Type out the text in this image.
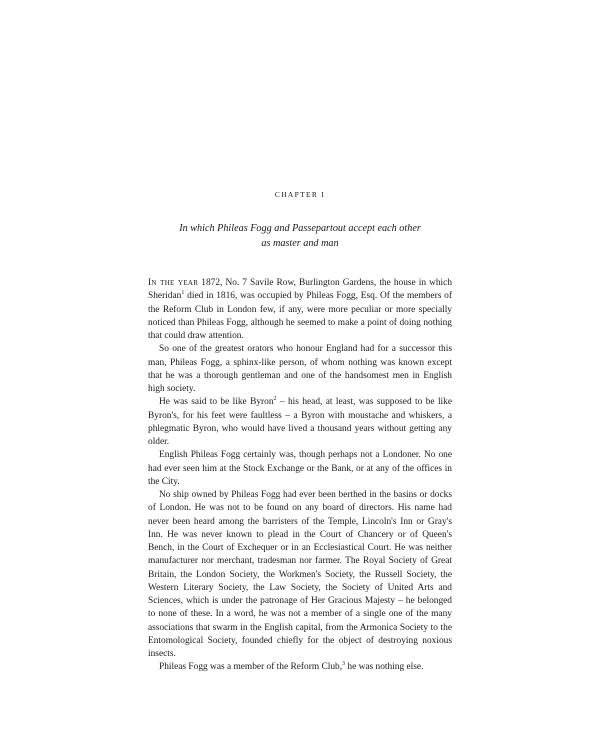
CHAPTER I
In which Phileas Fogg and Passepartout accept each other
as master and man

In the year 1872, No. 7 Savile Row, Burlington Gardens, the house in which Sheridan$^1$ died in 1816, was occupied by Phileas Fogg, Esq. Of the members of the Reform Club in London few, if any, were more peculiar or more specially noticed than Phileas Fogg, although he seemed to make a point of doing nothing that could draw attention.

So one of the greatest orators who honour England had for a successor this man, Phileas Fogg, a sphinx-like person, of whom nothing was known except that he was a thorough gentleman and one of the handsomest men in English high society.

He was said to be like Byron$^2$ – his head, at least, was supposed to be like Byron's, for his feet were faultless – a Byron with moustache and whiskers, a phlegmatic Byron, who would have lived a thousand years without getting any older.

English Phileas Fogg certainly was, though perhaps not a Londoner. No one had ever seen him at the Stock Exchange or the Bank, or at any of the offices in the City.

No ship owned by Phileas Fogg had ever been berthed in the basins or docks of London. He was not to be found on any board of directors. His name had never been heard among the barristers of the Temple, Lincoln's Inn or Gray's Inn. He was never known to plead in the Court of Chancery or of Queen's Bench, in the Court of Exchequer or in an Ecclesiastical Court. He was neither manufacturer nor merchant, tradesman nor farmer. The Royal Society of Great Britain, the London Society, the Workmen's Society, the Russell Society, the Western Literary Society, the Law Society, the Society of United Arts and Sciences, which is under the patronage of Her Gracious Majesty – he belonged to none of these. In a word, he was not a member of a single one of the many associations that swarm in the English capital, from the Armonica Society to the Entomological Society, founded chiefly for the object of destroying noxious insects.

Phileas Fogg was a member of the Reform Club,$^3$ he was nothing else.
